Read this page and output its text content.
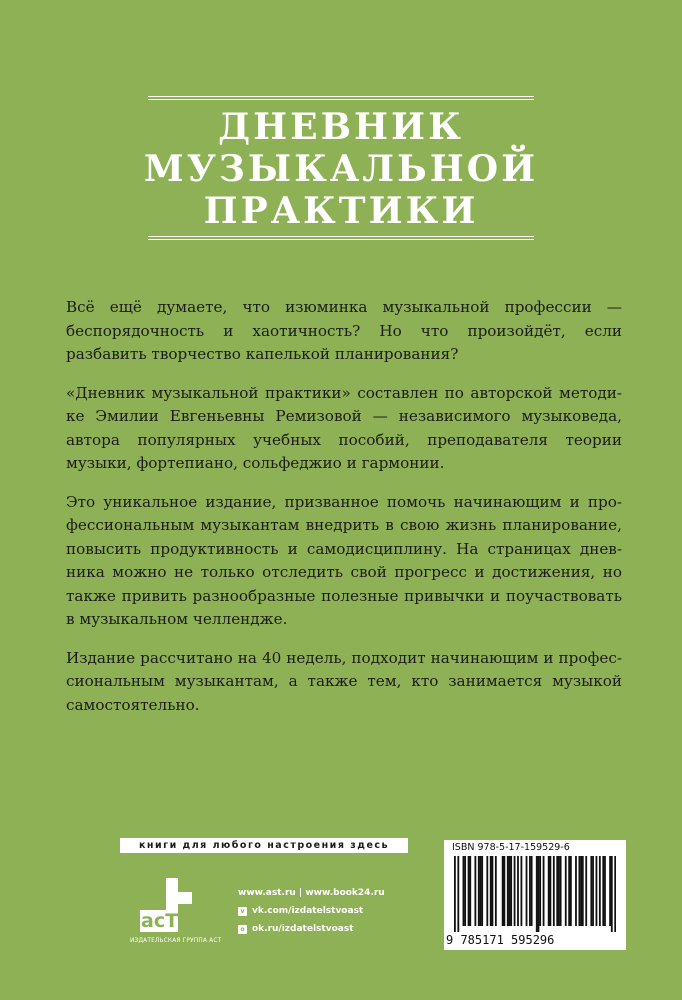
ДНЕВНИК
МУЗЫКАЛЬНОЙ
ПРАКТИКИ

Всё ещё думаете, что изюминка музыкальной профессии — беспорядочность и хаотичность? Но что произойдёт, если разбавить творчество капелькой планирования?

«Дневник музыкальной практики» составлен по авторской методике Эмилии Евгеньевны Ремизовой — независимого музыковеда, автора популярных учебных пособий, преподавателя теории музыки, фортепиано, сольфеджио и гармонии.

Это уникальное издание, призванное помочь начинающим и профессиональным музыкантам внедрить в свою жизнь планирование, повысить продуктивность и самодисциплину. На страницах дневника можно не только отследить свой прогресс и достижения, но также привить разнообразные полезные привычки и поучаствовать в музыкальном челлендже.

Издание рассчитано на 40 недель, подходит начинающим и профессиональным музыкантам, а также тем, кто занимается музыкой самостоятельно.

книги для любого настроения здесь
acT
ИЗДАТЕЛЬСКАЯ ГРУППА АСТ
www.ast.ru | www.book24.ru
v vk.com/izdatelstvoast
o ok.ru/izdatelstvoast
ISBN 978-5-17-159529-6
9 785171 595296
